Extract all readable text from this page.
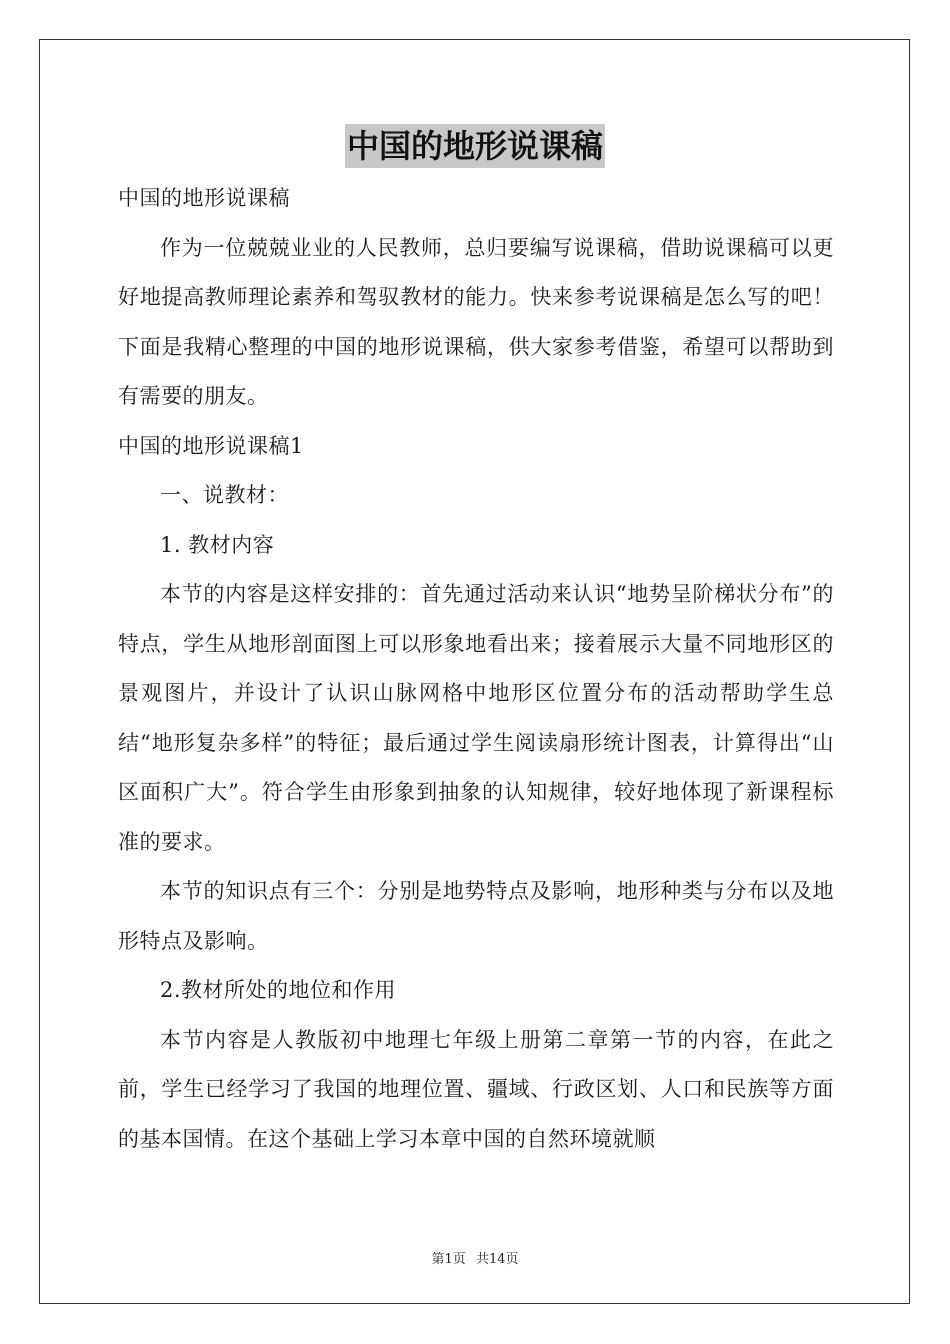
中国的地形说课稿

中国的地形说课稿

作为一位兢兢业业的人民教师，总归要编写说课稿，借助说课稿可以更好地提高教师理论素养和驾驭教材的能力。快来参考说课稿是怎么写的吧！下面是我精心整理的中国的地形说课稿，供大家参考借鉴，希望可以帮助到有需要的朋友。

中国的地形说课稿1

一、说教材：

1. 教材内容

本节的内容是这样安排的：首先通过活动来认识“地势呈阶梯状分布”的特点，学生从地形剖面图上可以形象地看出来；接着展示大量不同地形区的景观图片，并设计了认识山脉网格中地形区位置分布的活动帮助学生总结“地形复杂多样”的特征；最后通过学生阅读扇形统计图表，计算得出“山区面积广大”。符合学生由形象到抽象的认知规律，较好地体现了新课程标准的要求。

本节的知识点有三个：分别是地势特点及影响，地形种类与分布以及地形特点及影响。

2.教材所处的地位和作用

本节内容是人教版初中地理七年级上册第二章第一节的内容，在此之前，学生已经学习了我国的地理位置、疆域、行政区划、人口和民族等方面的基本国情。在这个基础上学习本章中国的自然环境就顺

第1页 共14页
